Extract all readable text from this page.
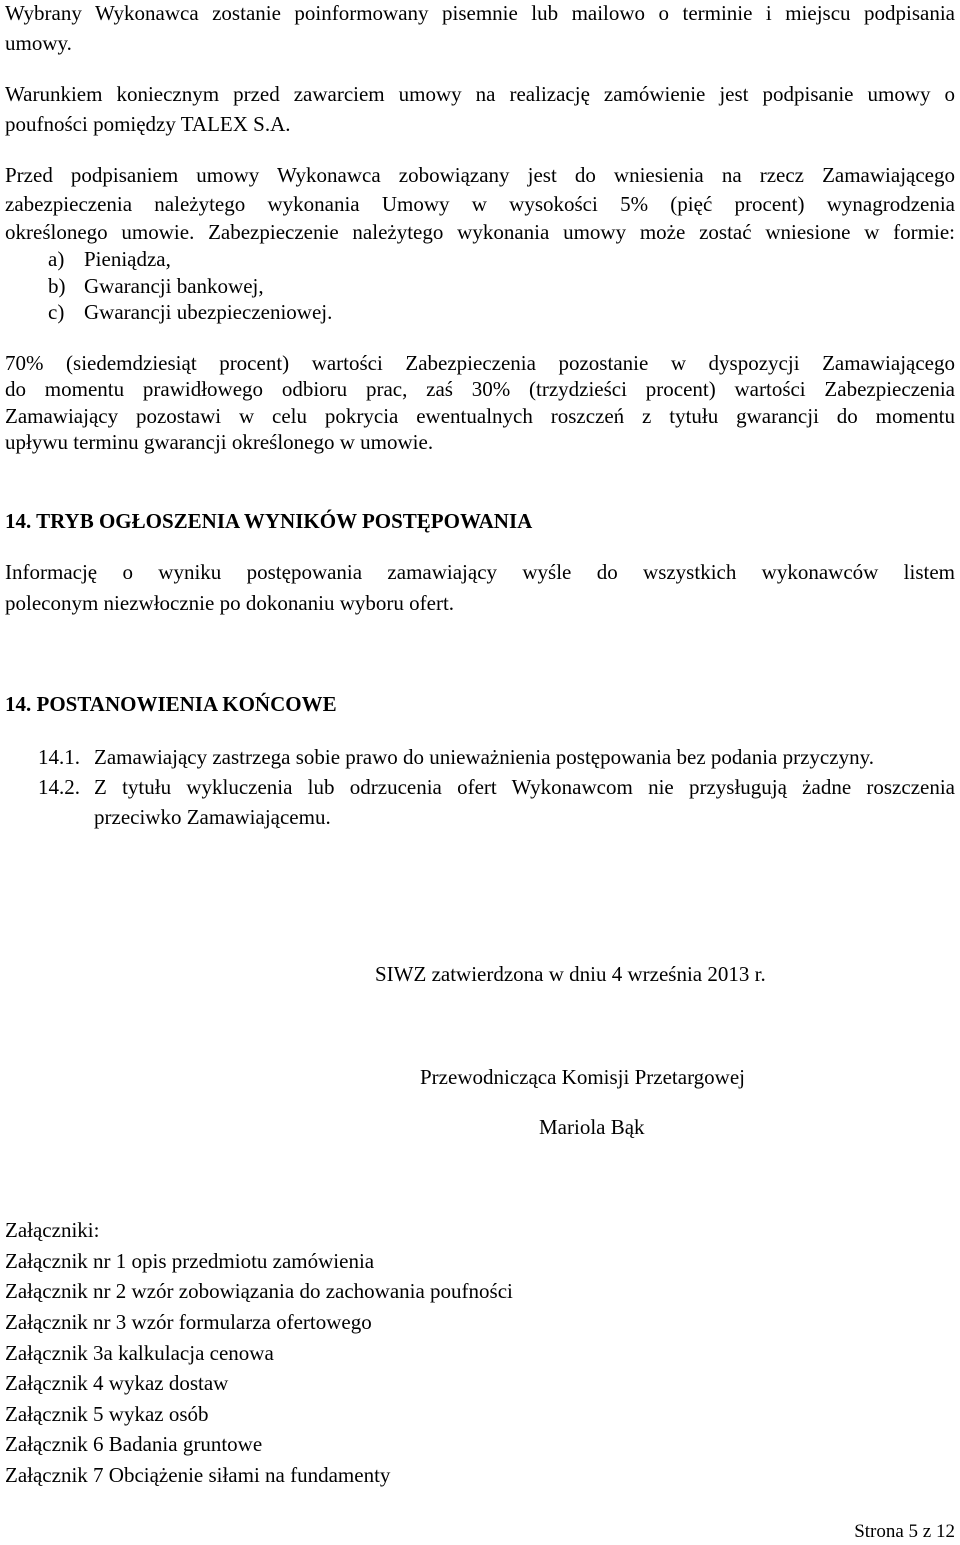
Wybrany Wykonawca zostanie poinformowany pisemnie lub mailowo o terminie i miejscu podpisania

umowy.

Warunkiem koniecznym przed zawarciem umowy na realizację zamówienie jest podpisanie umowy o

poufności pomiędzy TALEX S.A.

Przed podpisaniem umowy Wykonawca zobowiązany jest do wniesienia na rzecz Zamawiającego

zabezpieczenia należytego wykonania Umowy w wysokości 5% (pięć procent) wynagrodzenia

określonego umowie. Zabezpieczenie należytego wykonania umowy może zostać wniesione w formie:

a) Pieniądza,

b) Gwarancji bankowej,

c) Gwarancji ubezpieczeniowej.

70% (siedemdziesiąt procent) wartości Zabezpieczenia pozostanie w dyspozycji Zamawiającego

do momentu prawidłowego odbioru prac, zaś 30% (trzydzieści procent) wartości Zabezpieczenia

Zamawiający pozostawi w celu pokrycia ewentualnych roszczeń z tytułu gwarancji do momentu

upływu terminu gwarancji określonego w umowie.

14. TRYB OGŁOSZENIA WYNIKÓW POSTĘPOWANIA

Informację o wyniku postępowania zamawiający wyśle do wszystkich wykonawców listem

poleconym niezwłocznie po dokonaniu wyboru ofert.

14. POSTANOWIENIA KOŃCOWE

14.1. Zamawiający zastrzega sobie prawo do unieważnienia postępowania bez podania przyczyny.
14.2. Z tytułu wykluczenia lub odrzucenia ofert Wykonawcom nie przysługują żadne roszczenia
przeciwko Zamawiającemu.

SIWZ zatwierdzona w dniu 4 września 2013 r.

Przewodnicząca Komisji Przetargowej

Mariola Bąk

Załączniki:

Załącznik nr 1 opis przedmiotu zamówienia

Załącznik nr 2 wzór zobowiązania do zachowania poufności

Załącznik nr 3 wzór formularza ofertowego

Załącznik 3a kalkulacja cenowa

Załącznik 4 wykaz dostaw

Załącznik 5 wykaz osób

Załącznik 6 Badania gruntowe

Załącznik 7 Obciążenie siłami na fundamenty

Strona 5 z 12
